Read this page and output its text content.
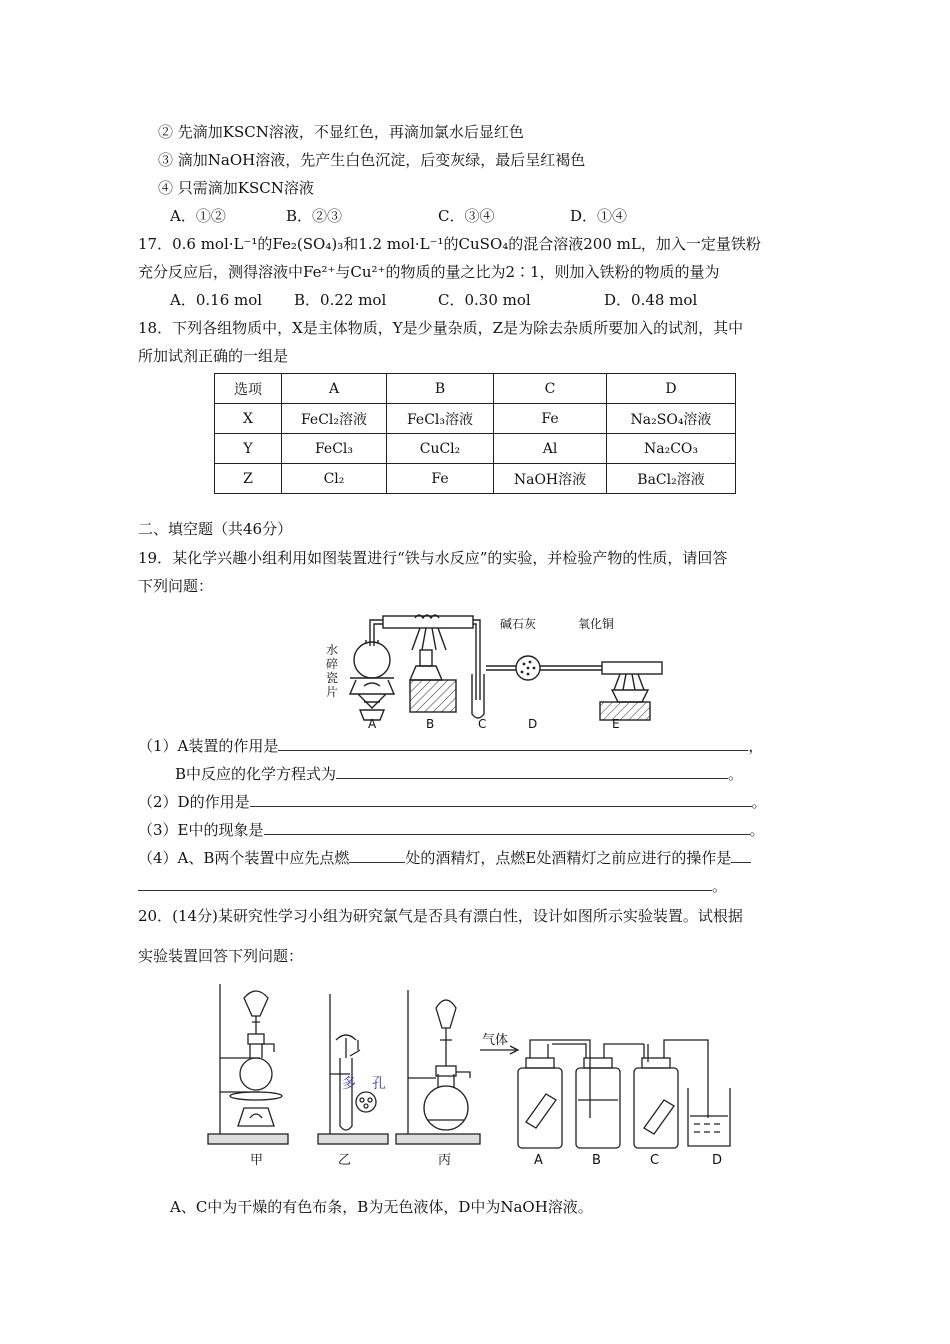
② 先滴加KSCN溶液，不显红色，再滴加氯水后显红色
③ 滴加NaOH溶液，先产生白色沉淀，后变灰绿，最后呈红褐色
④ 只需滴加KSCN溶液
A．①②	B．②③	C．③④	D．①④
17．0.6 mol·L⁻¹的Fe₂(SO₄)₃和1.2 mol·L⁻¹的CuSO₄的混合溶液200 mL，加入一定量铁粉
充分反应后，测得溶液中Fe²⁺与Cu²⁺的物质的量之比为2∶1，则加入铁粉的物质的量为
A．0.16 mol B．0.22 mol	C．0.30 mol	D．0.48 mol
18．下列各组物质中，X是主体物质，Y是少量杂质，Z是为除去杂质所要加入的试剂，其中
所加试剂正确的一组是
选项	A	B	C	D
X	FeCl₂溶液	FeCl₃溶液	Fe	Na₂SO₄溶液
Y	FeCl₃	CuCl₂	Al	Na₂CO₃
Z	Cl₂	Fe	NaOH溶液	BaCl₂溶液
二、填空题（共46分）
19．某化学兴趣小组利用如图装置进行“铁与水反应”的实验，并检验产物的性质，请回答
下列问题：
水
碎
瓷
片
碱石灰	氧化铜
A	B	C	D	E
（1）A装置的作用是	，
B中反应的化学方程式为	。
（2）D的作用是	。
（3）E中的现象是	。
（4）A、B两个装置中应先点燃	处的酒精灯，点燃E处酒精灯之前应进行的操作是
。
20．(14分)某研究性学习小组为研究氯气是否具有漂白性，设计如图所示实验装置。试根据
实验装置回答下列问题：
甲	乙	丙
气体
A	B	C	D
多 孔
A、C中为干燥的有色布条，B为无色液体，D中为NaOH溶液。
